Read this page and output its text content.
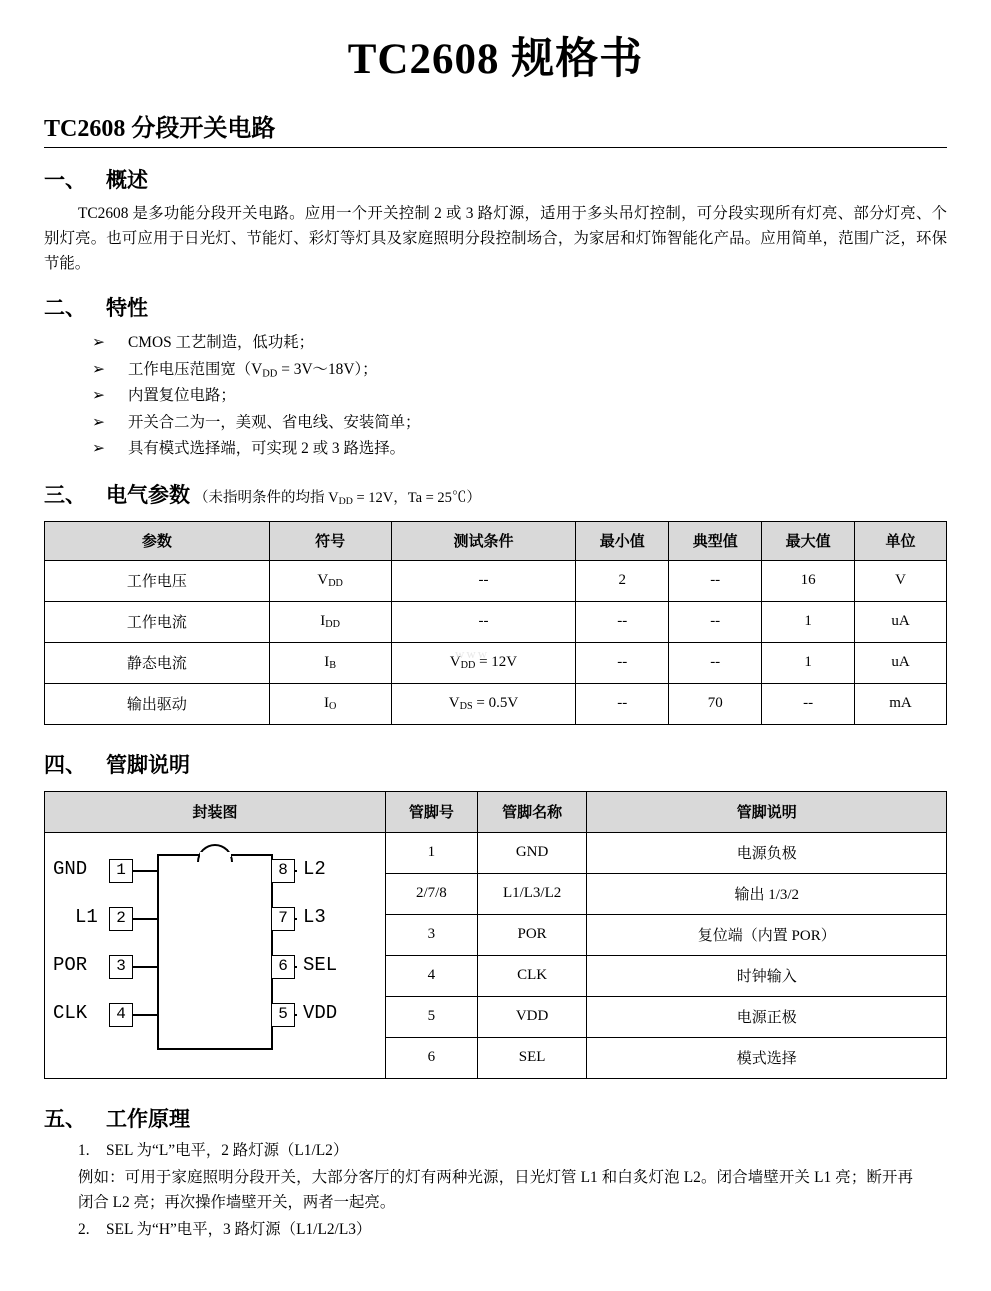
TC2608 规格书
TC2608 分段开关电路
一、 概述
TC2608 是多功能分段开关电路。应用一个开关控制 2 或 3 路灯源，适用于多头吊灯控制，可分段实现所有灯亮、部分灯亮、个别灯亮。也可应用于日光灯、节能灯、彩灯等灯具及家庭照明分段控制场合，为家居和灯饰智能化产品。应用简单，范围广泛，环保节能。
二、 特性
➢ CMOS 工艺制造，低功耗；
➢ 工作电压范围宽（$V_{DD}$ = 3V～18V）；
➢ 内置复位电路；
➢ 开关合二为一，美观、省电线、安装简单；
➢ 具有模式选择端，可实现 2 或 3 路选择。
三、 电气参数 （未指明条件的均指 $V_{DD} = 12V$，Ta = 25℃）
参数	符号	测试条件	最小值	典型值	最大值	单位
工作电压	$V_{DD}$	--	2	--	16	V
工作电流	$I_{DD}$	--	--	--	1	uA
静态电流	$I_B$	$V_{DD} = 12V$	--	--	1	uA
输出驱动	$I_O$	$V_{DS} = 0.5V$	--	70	--	mA
四、 管脚说明
封装图	管脚号	管脚名称	管脚说明

1
2
3
4
8
7
6
5
GND
L1
POR
CLK
L2
L3
SEL
VDD
	1	GND	电源负极
	2/7/8	L1/L3/L2	输出 1/3/2
	3	POR	复位端（内置 POR）
	4	CLK	时钟输入
	5	VDD	电源正极
	6	SEL	模式选择
五、 工作原理
1. SEL 为“L”电平，2 路灯源（L1/L2）
例如：可用于家庭照明分段开关，大部分客厅的灯有两种光源，日光灯管 L1 和白炙灯泡 L2。闭合墙壁开关 L1 亮；断开再闭合 L2 亮；再次操作墙壁开关，两者一起亮。
2. SEL 为“H”电平，3 路灯源（L1/L2/L3）
www
